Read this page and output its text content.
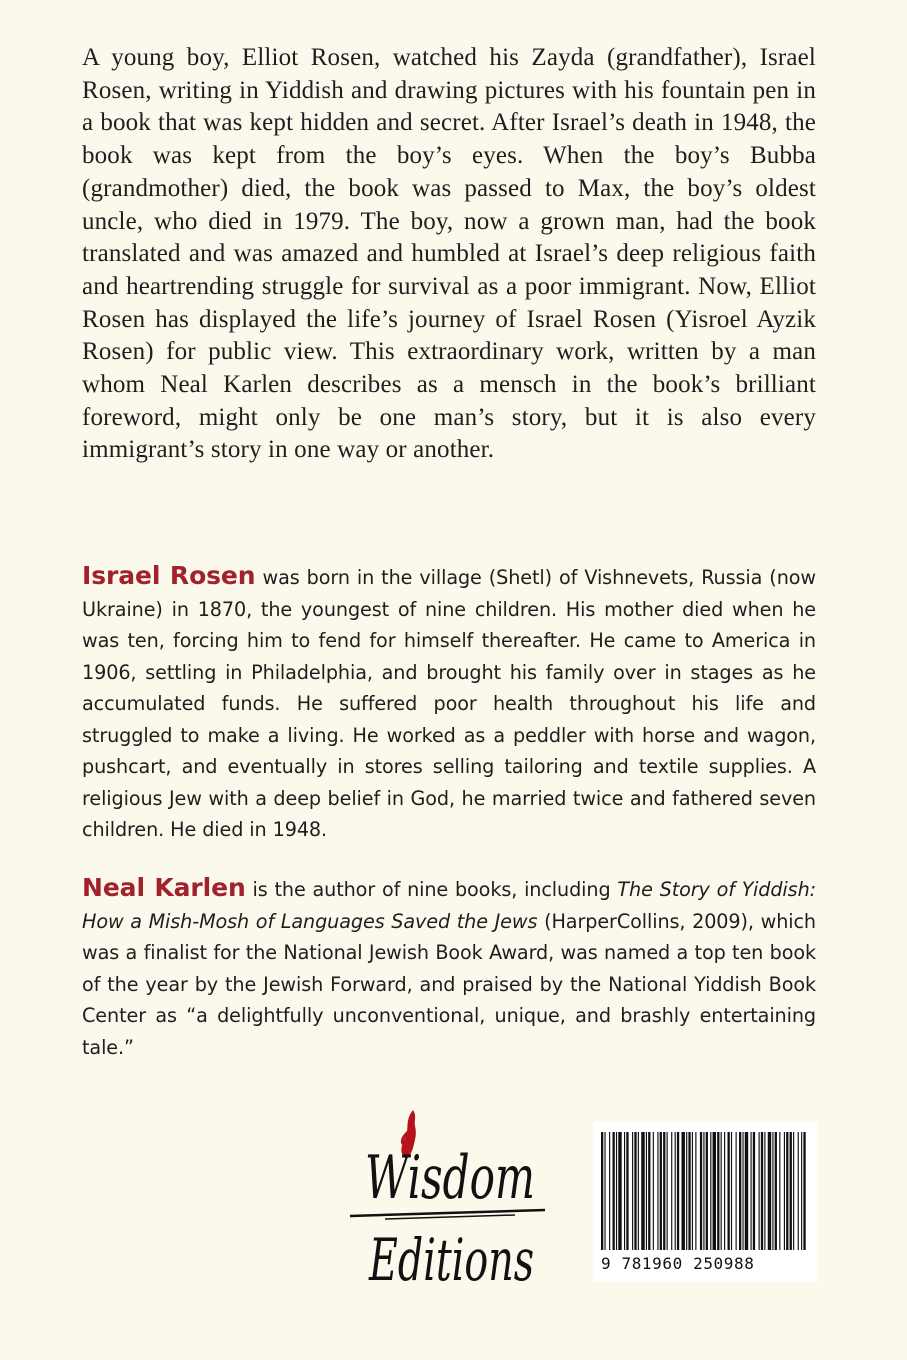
A young boy, Elliot Rosen, watched his Zayda (grandfather), Israel Rosen, writing in Yiddish and drawing pictures with his fountain pen in a book that was kept hidden and secret. After Israel’s death in 1948, the book was kept from the boy’s eyes. When the boy’s Bubba (grandmother) died, the book was passed to Max, the boy’s oldest uncle, who died in 1979. The boy, now a grown man, had the book translated and was amazed and humbled at Israel’s deep religious faith and heartrending struggle for survival as a poor immigrant. Now, Elliot Rosen has displayed the life’s journey of Israel Rosen (Yisroel Ayzik Rosen) for public view. This extraordinary work, written by a man whom Neal Karlen describes as a mensch in the book’s brilliant foreword, might only be one man’s story, but it is also every immigrant’s story in one way or another.

Israel Rosen was born in the village (Shetl) of Vishnevets, Russia (now Ukraine) in 1870, the youngest of nine children. His mother died when he was ten, forcing him to fend for himself thereafter. He came to America in 1906, settling in Philadelphia, and brought his family over in stages as he accumulated funds. He suffered poor health throughout his life and struggled to make a living. He worked as a peddler with horse and wagon, pushcart, and eventually in stores selling tailoring and textile supplies. A religious Jew with a deep belief in God, he married twice and fathered seven children. He died in 1948.

Neal Karlen is the author of nine books, including The Story of Yiddish: How a Mish-Mosh of Languages Saved the Jews (HarperCollins, 2009), which was a finalist for the National Jewish Book Award, was named a top ten book of the year by the Jewish Forward, and praised by the National Yiddish Book Center as “a delightfully unconventional, unique, and brashly entertaining tale.”

Wisdom
Editions	9 781960 250988
